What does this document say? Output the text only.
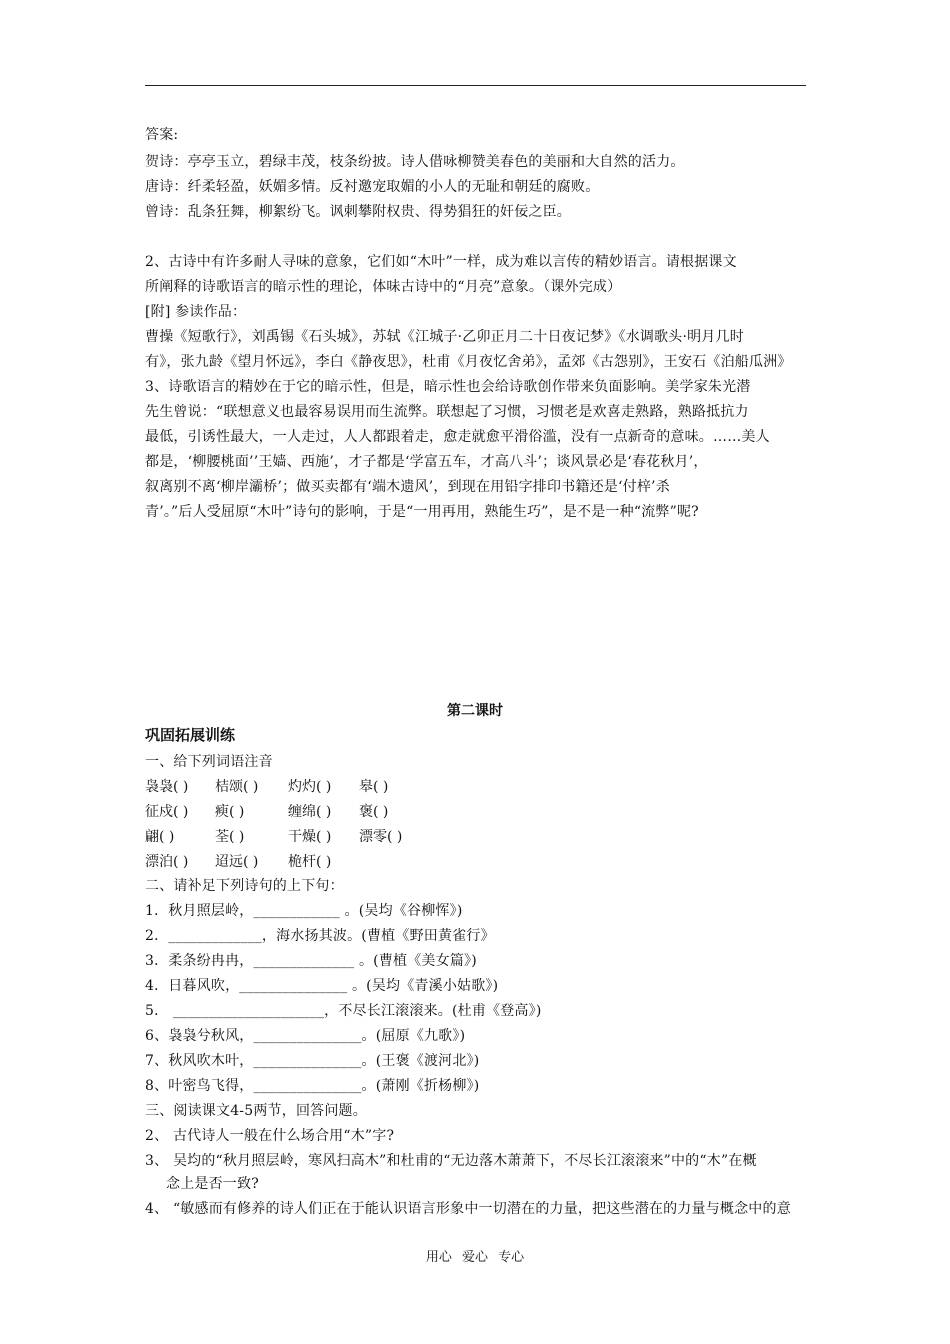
答案:
贺诗：亭亭玉立，碧绿丰茂，枝条纷披。诗人借咏柳赞美春色的美丽和大自然的活力。
唐诗：纤柔轻盈，妖媚多情。反衬邀宠取媚的小人的无耻和朝廷的腐败。
曾诗：乱条狂舞，柳絮纷飞。讽刺攀附权贵、得势猖狂的奸佞之臣。
2、古诗中有许多耐人寻味的意象，它们如“木叶”一样，成为难以言传的精妙语言。请根据课文
所阐释的诗歌语言的暗示性的理论，体味古诗中的“月亮”意象。（课外完成）
[附] 参读作品：
曹操《短歌行》，刘禹锡《石头城》，苏轼《江城子·乙卯正月二十日夜记梦》《水调歌头·明月几时
有》，张九龄《望月怀远》，李白《静夜思》，杜甫《月夜忆舍弟》，孟郊《古怨别》，王安石《泊船瓜洲》
3、诗歌语言的精妙在于它的暗示性，但是，暗示性也会给诗歌创作带来负面影响。美学家朱光潜
先生曾说：“联想意义也最容易误用而生流弊。联想起了习惯，习惯老是欢喜走熟路，熟路抵抗力
最低，引诱性最大，一人走过，人人都跟着走，愈走就愈平滑俗滥，没有一点新奇的意味。……美人
都是，‘柳腰桃面’’王嫱、西施’，才子都是‘学富五车，才高八斗’；谈风景必是‘春花秋月’，
叙离别不离‘柳岸灞桥’；做买卖都有‘端木遗风’，到现在用铅字排印书籍还是‘付梓’杀
青’。”后人受屈原“木叶”诗句的影响，于是“一用再用，熟能生巧”，是不是一种“流弊”呢?
第二课时
巩固拓展训练
一、给下列词语注音
袅袅( ) 桔颂( ) 灼灼( ) 皋( )
征戍( ) 瘐( )	缠绵( ) 褒( )
翩( )	荃( )	干燥( ) 漂零( )
漂泊( ) 迢远( ) 桅杆( )
二、请补足下列诗句的上下句：
1．秋月照层岭，____________ 。(吴均《谷柳恽》)
2．_____________，海水扬其波。(曹植《野田黄雀行》
3．柔条纷冉冉，______________ 。(曹植《美女篇》)
4．日暮风吹，_______________ 。(吴均《青溪小姑歌》)
5． _____________________，不尽长江滚滚来。(杜甫《登高》)
6、袅袅兮秋风，_______________。(屈原《九歌》)
7、秋风吹木叶，_______________。(王褒《渡河北》)
8、叶密鸟飞得，_______________。(萧刚《折杨柳》)
三、阅读课文4-5两节，回答问题。
2、 古代诗人一般在什么场合用“木”字?
3、 吴均的“秋月照层岭，寒风扫高木”和杜甫的“无边落木萧萧下，不尽长江滚滚来”中的“木”在概
念上是否一致?
4、 “敏感而有修养的诗人们正在于能认识语言形象中一切潜在的力量，把这些潜在的力量与概念中的意
用心 爱心 专心
